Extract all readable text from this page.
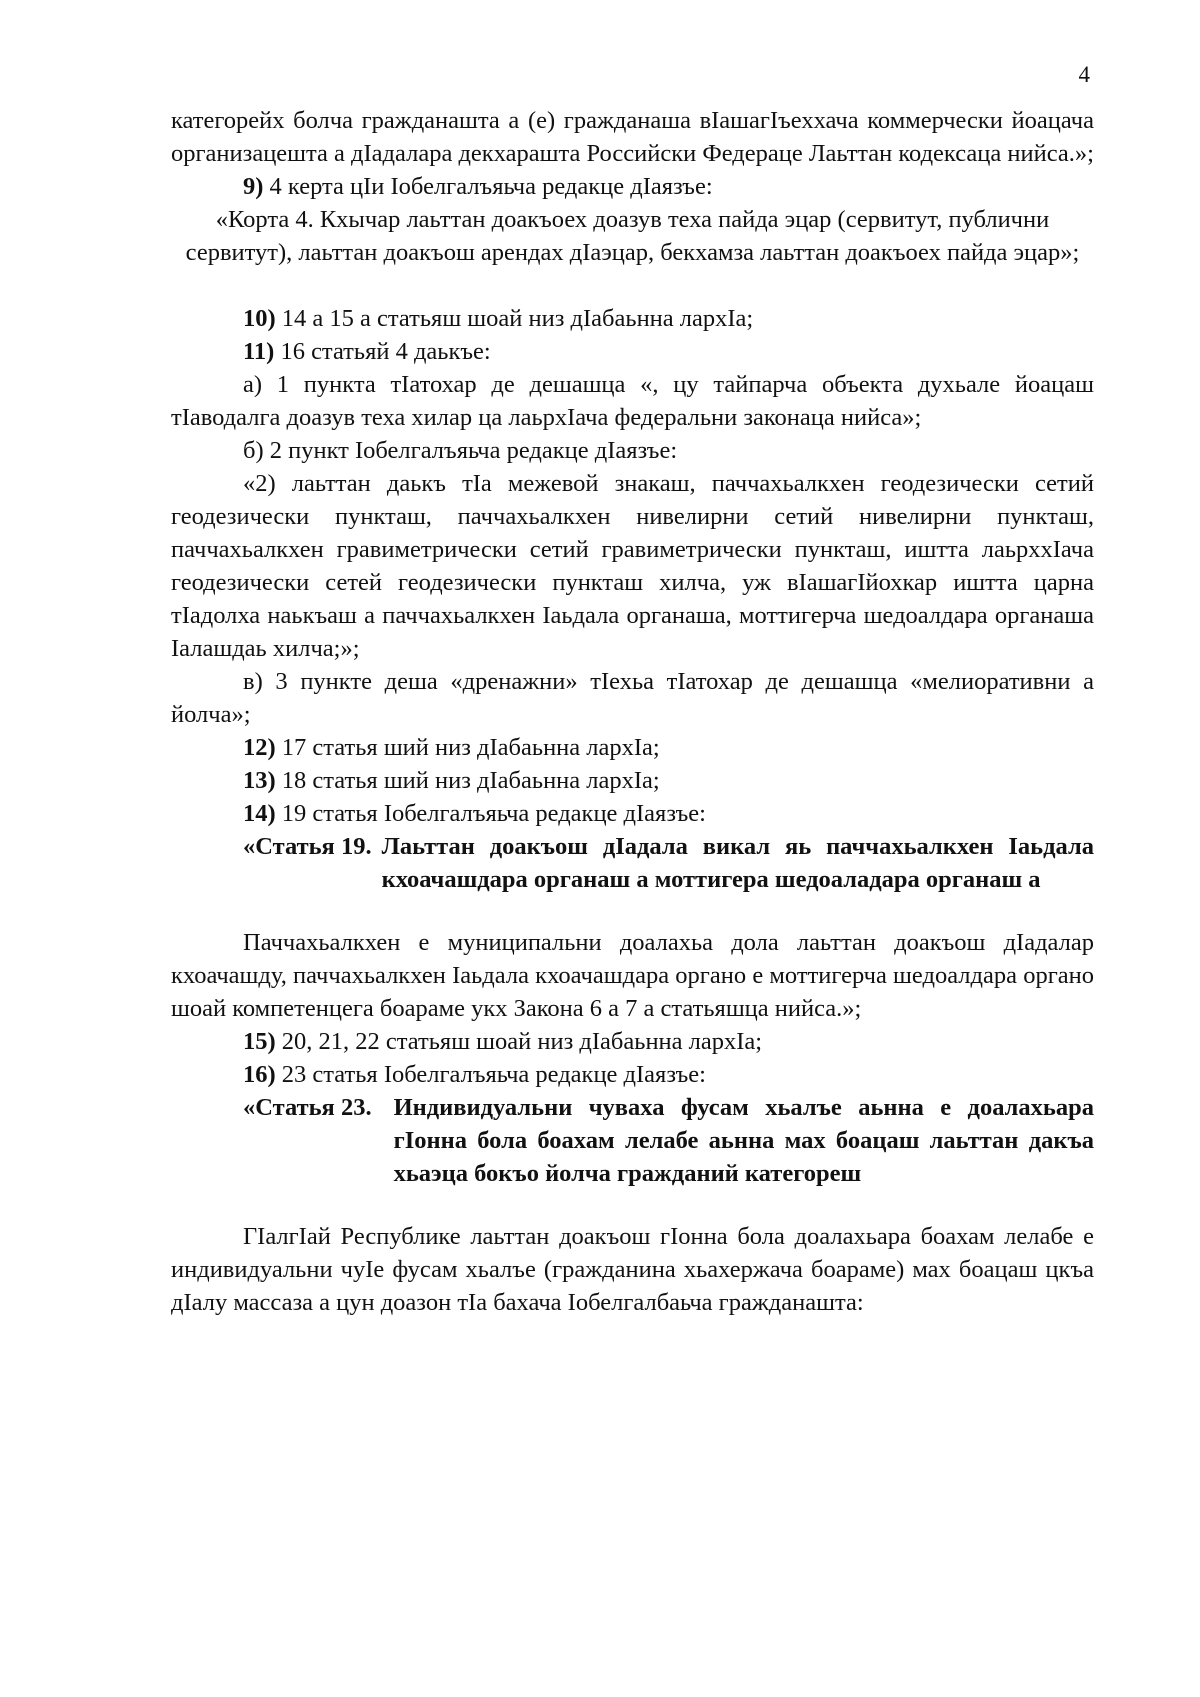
4

категорейх болча гражданашта а (е) гражданаша вIашагIъеххача коммерчески йоацача организацешта а дIадалара декхарашта Российски Федераце Лаьттан кодексаца нийса.»;

9) 4 керта цIи Iобелгалъяьча редакце дIаязъе:

«Корта 4. Кхычар лаьттан доакъоех доазув теха пайда эцар (сервитут, публични сервитут), лаьттан доакъош арендах дIаэцар, бекхамза лаьттан доакъоех пайда эцар»;

10) 14 а 15 а статьяш шоай низ дIабаьнна лархIа;

11) 16 статьяй 4 даькъе:

а) 1 пункта тIатохар де дешашца «, цу тайпарча объекта духьале йоацаш тIаводалга доазув теха хилар ца лаьрхIача федеральни законаца нийса»;

б) 2 пункт Iобелгалъяьча редакце дIаязъе:

«2) лаьттан даькъ тIа межевой знакаш, паччахьалкхен геодезически сетий геодезически пункташ, паччахьалкхен нивелирни сетий нивелирни пункташ, паччахьалкхен гравиметрически сетий гравиметрически пункташ, иштта лаьрххIача геодезически сетей геодезически пункташ хилча, уж вIашагIйохкар иштта царна тIадолха наькъаш а паччахьалкхен Iаьдала органаша, моттигерча шедоалдара органаша Iалашдаь хилча;»;

в) 3 пункте деша «дренажни» тIехьа тIатохар де дешашца «мелиоративни а йолча»;

12) 17 статья ший низ дIабаьнна лархIа;

13) 18 статья ший низ дIабаьнна лархIа;

14) 19 статья Iобелгалъяьча редакце дIаязъе:

«Статья 19. Лаьттан доакъош дIадала викал яь паччахьалкхен Iаьдала кхоачашдара органаш а моттигера шедоаладара органаш а

Паччахьалкхен е муниципальни доалахьа дола лаьттан доакъош дIадалар кхоачашду, паччахьалкхен Iаьдала кхоачашдара органо е моттигерча шедоалдара органо шоай компетенцега боараме укх Закона 6 а 7 а статьяшца нийса.»;

15) 20, 21, 22 статьяш шоай низ дIабаьнна лархIа;

16) 23 статья Iобелгалъяьча редакце дIаязъе:

«Статья 23. Индивидуальни чуваха фусам хьалъе аьнна е доалахьара гIонна бола боахам лелабе аьнна мах боацаш лаьттан дакъа хьаэца бокъо йолча гражданий категореш

ГIалгIай Республике лаьттан доакъош гIонна бола доалахьара боахам лелабе е индивидуальни чуIе фусам хьалъе (гражданина хьахержача боараме) мах боацаш цкъа дIалу массаза а цун доазон тIа бахача Iобелгалбаьча гражданашта:
